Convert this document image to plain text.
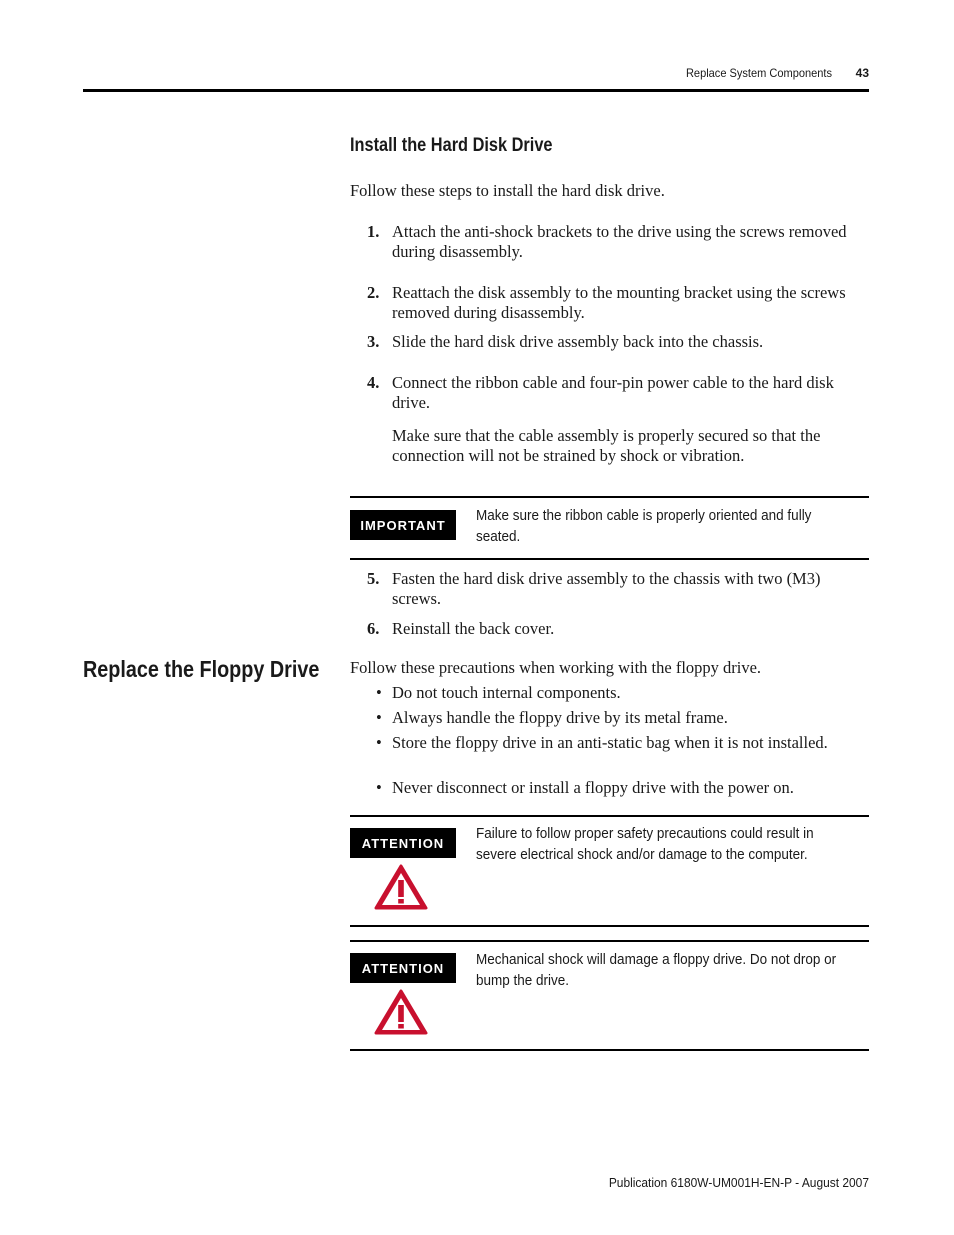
Replace System Components 43
Install the Hard Disk Drive
Follow these steps to install the hard disk drive.
1. Attach the anti-shock brackets to the drive using the screws removed during disassembly.
2. Reattach the disk assembly to the mounting bracket using the screws removed during disassembly.
3. Slide the hard disk drive assembly back into the chassis.
4. Connect the ribbon cable and four-pin power cable to the hard disk drive.
Make sure that the cable assembly is properly secured so that the connection will not be strained by shock or vibration.
IMPORTANT
Make sure the ribbon cable is properly oriented and fully seated.
5. Fasten the hard disk drive assembly to the chassis with two (M3) screws.
6. Reinstall the back cover.
Replace the Floppy Drive Follow these precautions when working with the floppy drive.
• Do not touch internal components.
• Always handle the floppy drive by its metal frame.
• Store the floppy drive in an anti-static bag when it is not installed.
• Never disconnect or install a floppy drive with the power on.
ATTENTION
Failure to follow proper safety precautions could result in severe electrical shock and/or damage to the computer.
ATTENTION	Mechanical shock will damage a floppy drive. Do not drop or bump the drive.
Publication 6180W-UM001H-EN-P - August 2007
